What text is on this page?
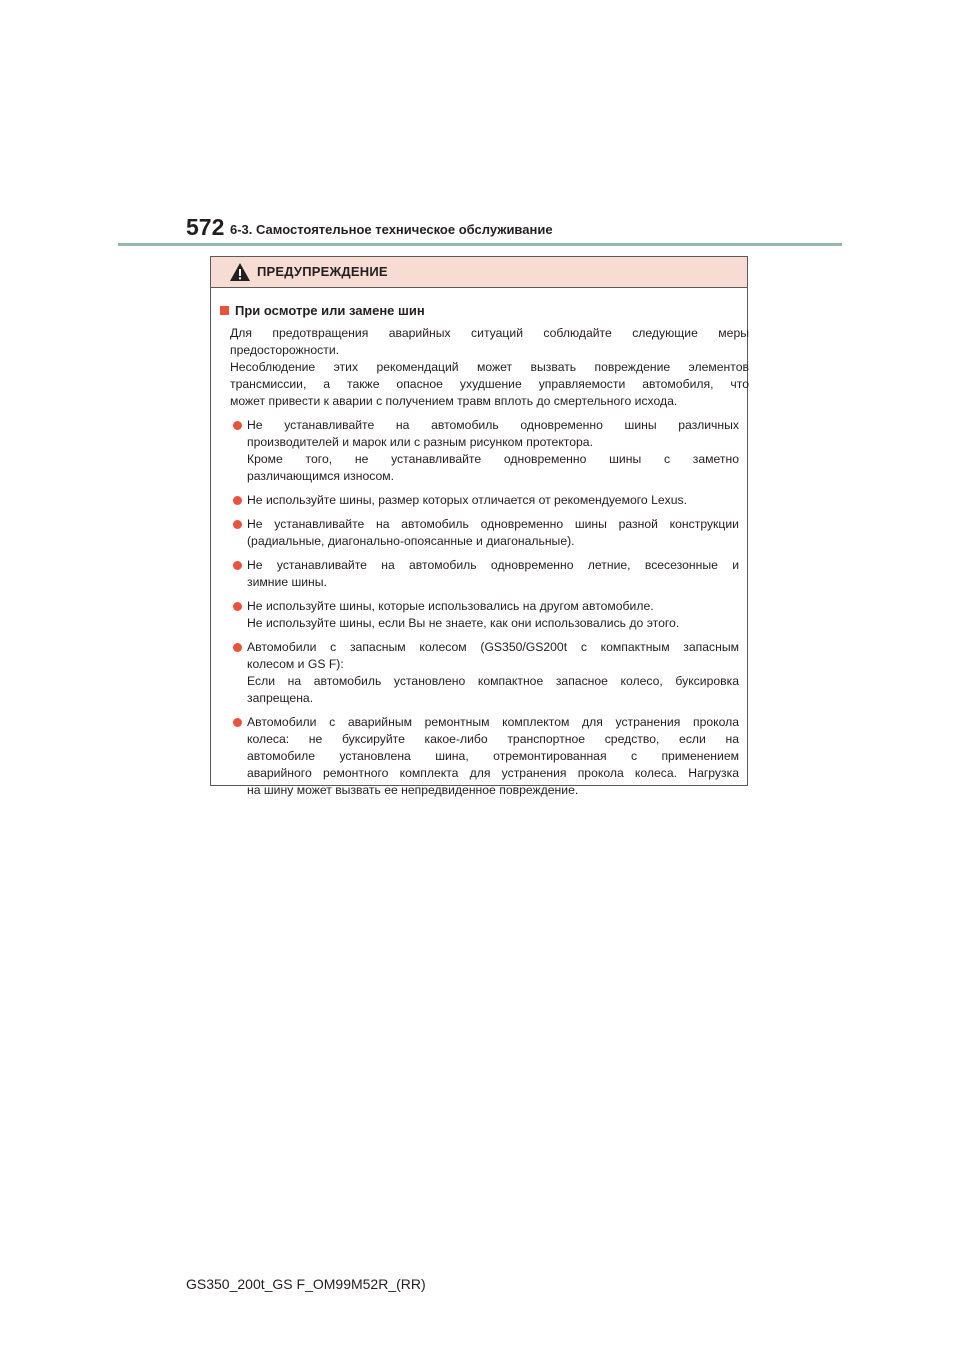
572 6-3. Самостоятельное техническое обслуживание
ПРЕДУПРЕЖДЕНИЕ
При осмотре или замене шин
Для предотвращения аварийных ситуаций соблюдайте следующие меры
предосторожности.
Несоблюдение этих рекомендаций может вызвать повреждение элементов
трансмиссии, а также опасное ухудшение управляемости автомобиля, что
может привести к аварии с получением травм вплоть до смертельного исхода.
Не устанавливайте на автомобиль одновременно шины различных
производителей и марок или с разным рисунком протектора.
Кроме того, не устанавливайте одновременно шины с заметно
различающимся износом.
Не используйте шины, размер которых отличается от рекомендуемого Lexus.
Не устанавливайте на автомобиль одновременно шины разной конструкции
(радиальные, диагонально-опоясанные и диагональные).
Не устанавливайте на автомобиль одновременно летние, всесезонные и
зимние шины.
Не используйте шины, которые использовались на другом автомобиле.
Не используйте шины, если Вы не знаете, как они использовались до этого.
Автомобили с запасным колесом (GS350/GS200t с компактным запасным
колесом и GS F):
Если на автомобиль установлено компактное запасное колесо, буксировка
запрещена.
Автомобили с аварийным ремонтным комплектом для устранения прокола
колеса: не буксируйте какое-либо транспортное средство, если на
автомобиле установлена шина, отремонтированная с применением
аварийного ремонтного комплекта для устранения прокола колеса. Нагрузка
на шину может вызвать ее непредвиденное повреждение.
GS350_200t_GS F_OM99M52R_(RR)
